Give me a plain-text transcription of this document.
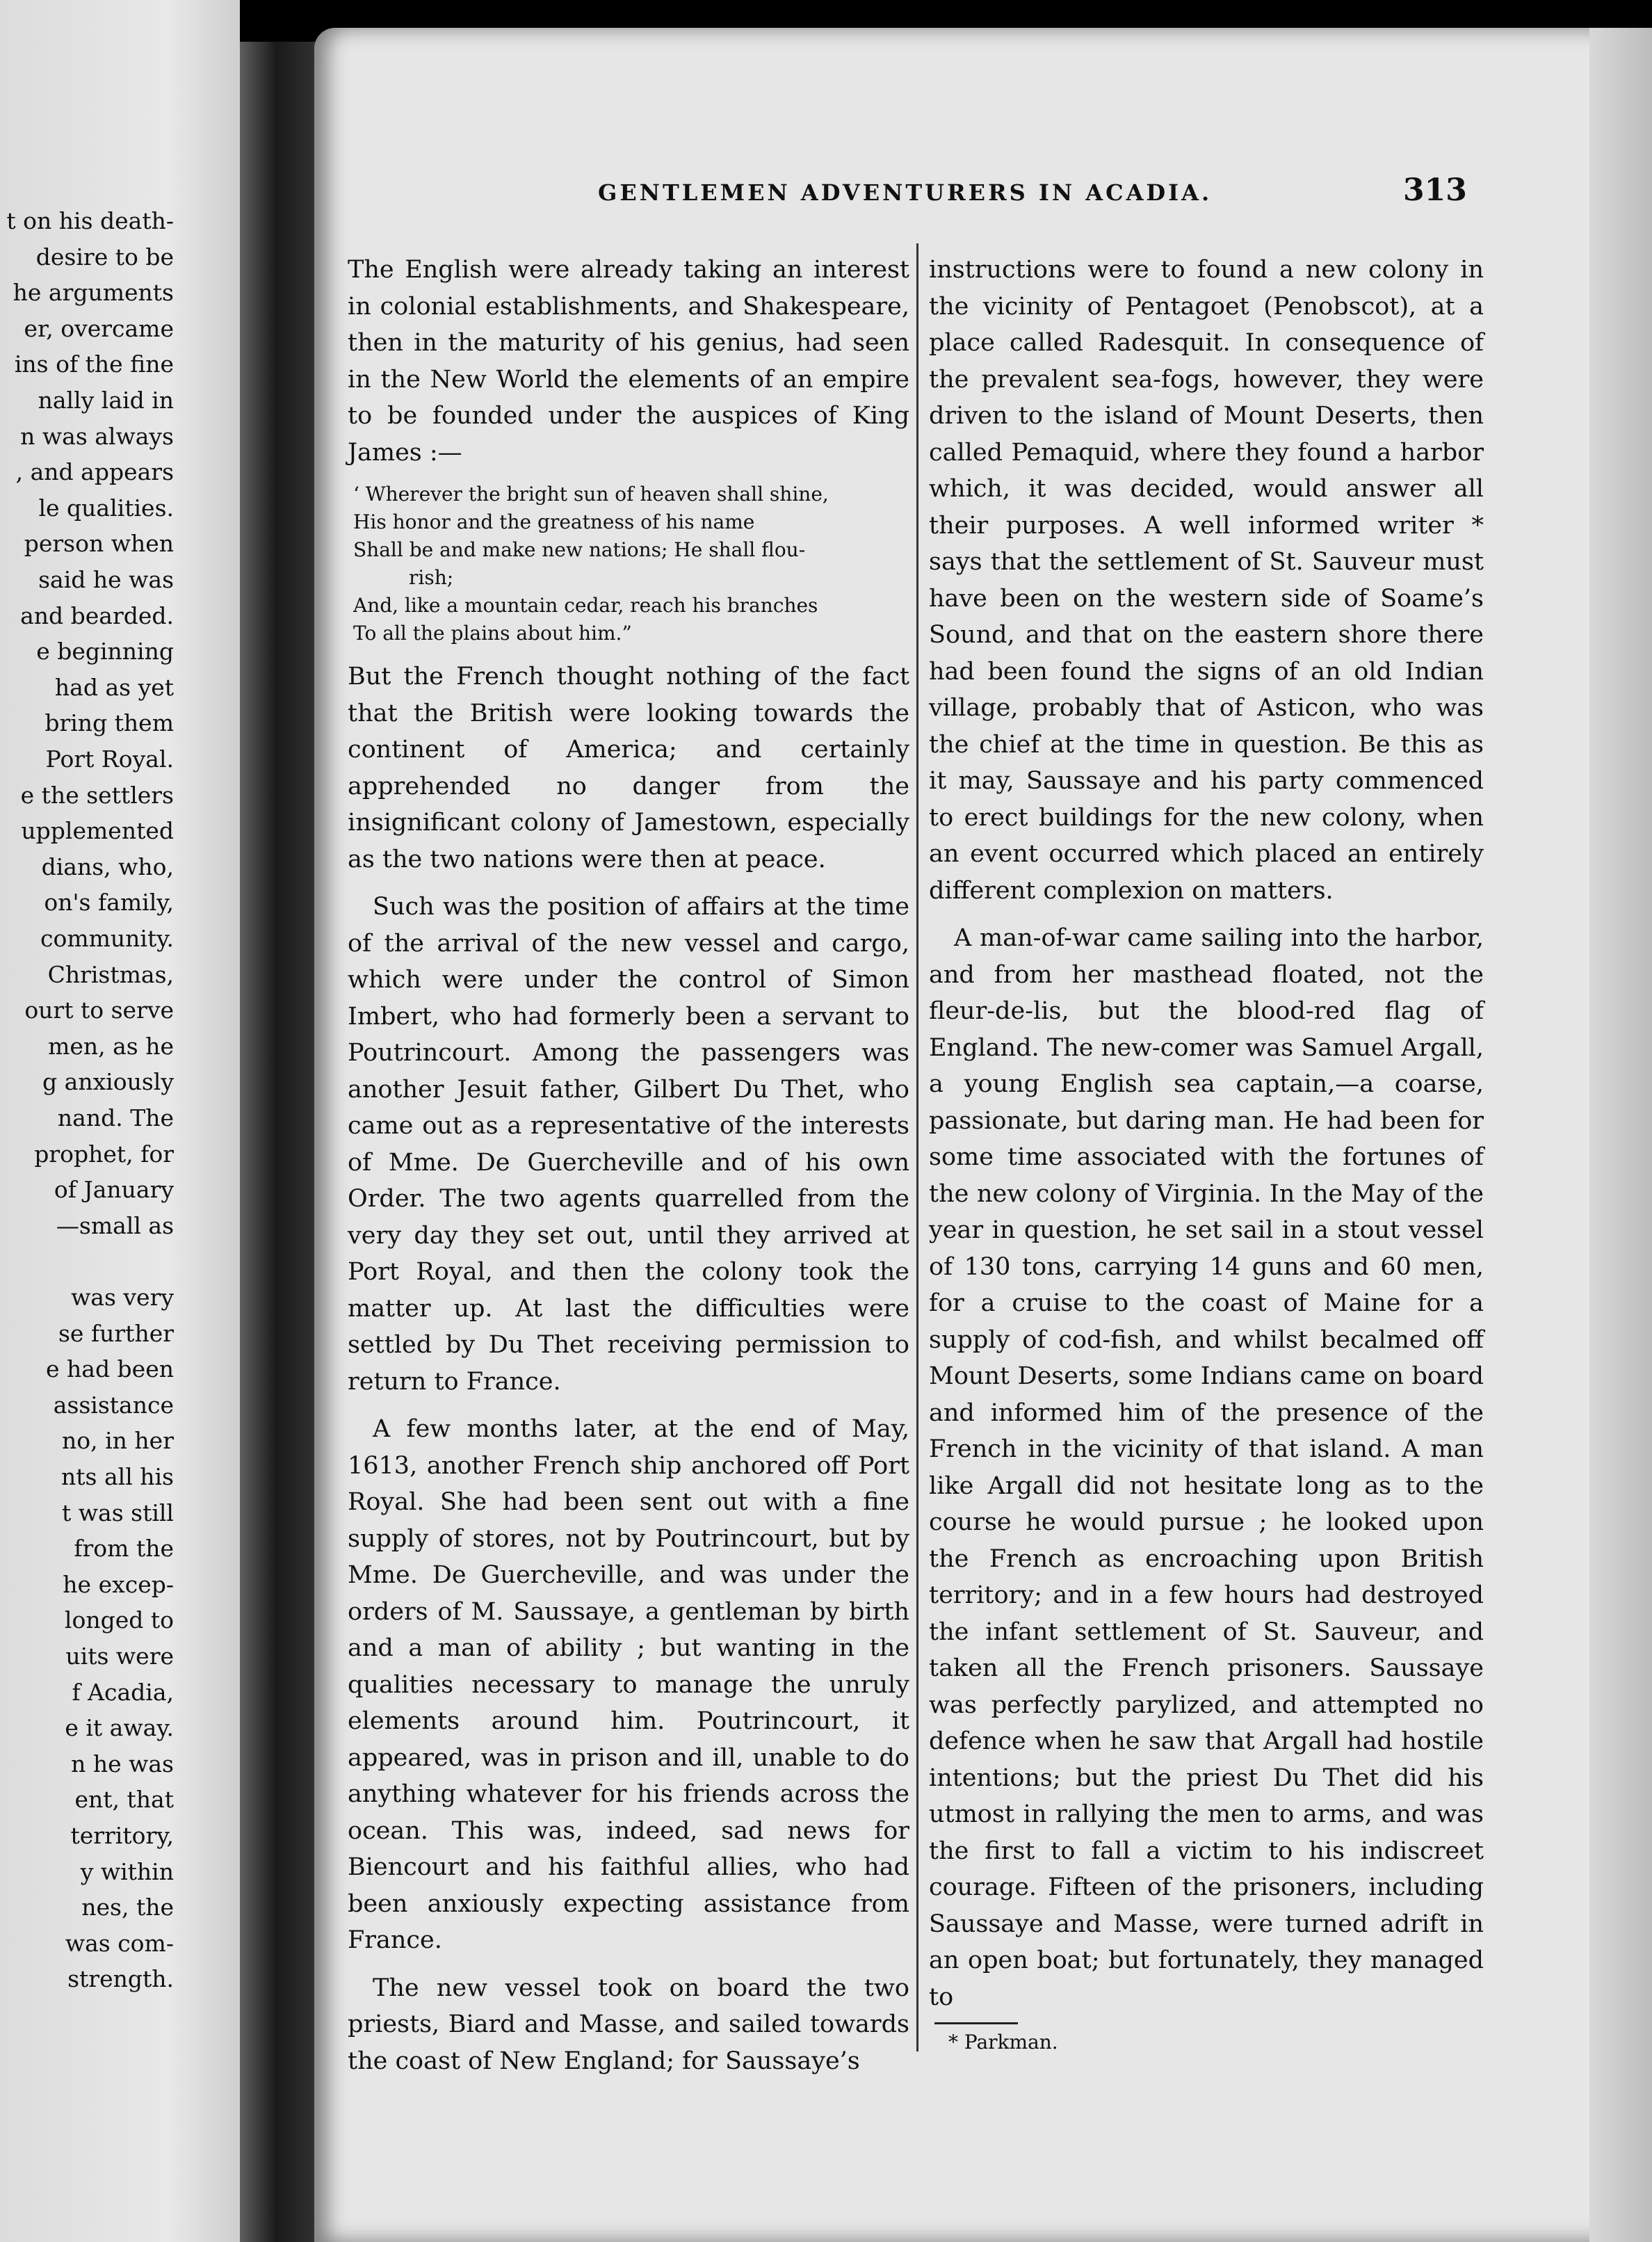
t on his death-
desire to be
he arguments
er, overcame
ins of the fine
nally laid in
n was always
, and appears
le qualities.
person when
said he was
and bearded.
e beginning
had as yet
bring them
Port Royal.
e the settlers
upplemented
dians, who,
on's family,
community.
Christmas,
ourt to serve
men, as he
g anxiously
nand. The
prophet, for
of January
—small as
was very
se further
e had been
assistance
no, in her
nts all his
t was still
from the
he excep-
longed to
uits were
f Acadia,
e it away.
n he was
ent, that
territory,
y within
nes, the
was com-
strength.
GENTLEMEN ADVENTURERS IN ACADIA.	313

The English were already taking an interest in colonial establishments, and Shakespeare, then in the maturity of his genius, had seen in the New World the elements of an empire to be founded under the auspices of King James :—

‘ Wherever the bright sun of heaven shall shine,
His honor and the greatness of his name
Shall be and make new nations; He shall flou-
rish;
And, like a mountain cedar, reach his branches
To all the plains about him.”

But the French thought nothing of the fact that the British were looking towards the continent of America; and certainly apprehended no danger from the insignificant colony of Jamestown, especially as the two nations were then at peace.

Such was the position of affairs at the time of the arrival of the new vessel and cargo, which were under the control of Simon Imbert, who had formerly been a servant to Poutrincourt. Among the passengers was another Jesuit father, Gilbert Du Thet, who came out as a representative of the interests of Mme. De Guercheville and of his own Order. The two agents quarrelled from the very day they set out, until they arrived at Port Royal, and then the colony took the matter up. At last the difficulties were settled by Du Thet receiving permission to return to France.

A few months later, at the end of May, 1613, another French ship anchored off Port Royal. She had been sent out with a fine supply of stores, not by Poutrincourt, but by Mme. De Guercheville, and was under the orders of M. Saussaye, a gentleman by birth and a man of ability ; but wanting in the qualities necessary to manage the unruly elements around him. Poutrincourt, it appeared, was in prison and ill, unable to do anything whatever for his friends across the ocean. This was, indeed, sad news for Biencourt and his faithful allies, who had been anxiously expecting assistance from France.

The new vessel took on board the two priests, Biard and Masse, and sailed towards the coast of New England; for Saussaye’s

instructions were to found a new colony in the vicinity of Pentagoet (Penobscot), at a place called Radesquit. In consequence of the prevalent sea-fogs, however, they were driven to the island of Mount Deserts, then called Pemaquid, where they found a harbor which, it was decided, would answer all their purposes. A well informed writer * says that the settlement of St. Sauveur must have been on the western side of Soame’s Sound, and that on the eastern shore there had been found the signs of an old Indian village, probably that of Asticon, who was the chief at the time in question. Be this as it may, Saussaye and his party commenced to erect buildings for the new colony, when an event occurred which placed an entirely different complexion on matters.

A man-of-war came sailing into the harbor, and from her masthead floated, not the fleur-de-lis, but the blood-red flag of England. The new-comer was Samuel Argall, a young English sea captain,—a coarse, passionate, but daring man. He had been for some time associated with the fortunes of the new colony of Virginia. In the May of the year in question, he set sail in a stout vessel of 130 tons, carrying 14 guns and 60 men, for a cruise to the coast of Maine for a supply of cod-fish, and whilst becalmed off Mount Deserts, some Indians came on board and informed him of the presence of the French in the vicinity of that island. A man like Argall did not hesitate long as to the course he would pursue ; he looked upon the French as encroaching upon British territory; and in a few hours had destroyed the infant settlement of St. Sauveur, and taken all the French prisoners. Saussaye was perfectly parylized, and attempted no defence when he saw that Argall had hostile intentions; but the priest Du Thet did his utmost in rallying the men to arms, and was the first to fall a victim to his indiscreet courage. Fifteen of the prisoners, including Saussaye and Masse, were turned adrift in an open boat; but fortunately, they managed to

* Parkman.
